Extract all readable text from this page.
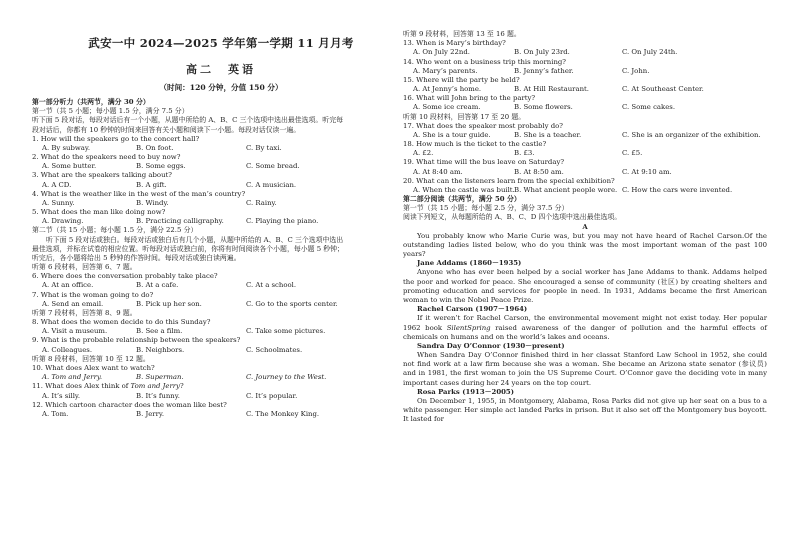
武安一中 2024—2025 学年第一学期 11 月月考
高二　英语
（时间：120 分钟，分值 150 分）
第一部分听力（共两节，满分 30 分）
第一节（共 5 小题；每小题 1.5 分，满分 7.5 分）
听下面 5 段对话，每段对话后有一个小题，从题中所给的 A、B、C 三个选项中选出最佳选项。听完每
段对话后，你都有 10 秒钟的时间来回答有关小题和阅读下一小题。每段对话仅读一遍。
1. How will the speakers go to the concert hall?
A. By subway.	B. On foot.	C. By taxi.
2. What do the speakers need to buy now?
A. Some butter.	B. Some eggs.	C. Some bread.
3. What are the speakers talking about?
A. A CD.	B. A gift.	C. A musician.
4. What is the weather like in the west of the man’s country?
A. Sunny.	B. Windy.	C. Rainy.
5. What does the man like doing now?
A. Drawing.	B. Practicing calligraphy.	C. Playing the piano.
第二节（共 15 小题；每小题 1.5 分，满分 22.5 分）
听下面 5 段对话或独白。每段对话或独白后有几个小题，从题中所给的 A、B、C 三个选项中选出
最佳选项，并标在试卷的相应位置。听每段对话或独白前，你将有时间阅读各个小题，每小题 5 秒钟；
听完后，各小题将给出 5 秒钟的作答时间。每段对话或独白读两遍。
听第 6 段材料，回答第 6、7 题。
6. Where does the conversation probably take place?
A. At an office.	B. At a cafe.	C. At a school.
7. What is the woman going to do?
A. Send an email.	B. Pick up her son.	C. Go to the sports center.
听第 7 段材料，回答第 8、9 题。
8. What does the women decide to do this Sunday?
A. Visit a museum.	B. See a film.	C. Take some pictures.
9. What is the probable relationship between the speakers?
A. Colleagues.	B. Neighbors.	C. Schoolmates.
听第 8 段材料，回答第 10 至 12 题。
10. What does Alex want to watch?
A. Tom and Jerry.	B. Superman.	C. Journey to the West.
11. What does Alex think of Tom and Jerry?
A. It’s silly.	B. It’s funny.	C. It’s popular.
12. Which cartoon character does the woman like best?
A. Tom.	B. Jerry.	C. The Monkey King.
听第 9 段材料，回答第 13 至 16 题。
13. When is Mary’s birthday?
A. On July 22nd.	B. On July 23rd.	C. On July 24th.
14. Who went on a business trip this morning?
A. Mary’s parents.	B. Jenny’s father.	C. John.
15. Where will the party be held?
A. At Jenny’s home.	B. At Hill Restaurant.	C. At Southeast Center.
16. What will John bring to the party?
A. Some ice cream.	B. Some flowers.	C. Some cakes.
听第 10 段材料，回答第 17 至 20 题。
17. What does the speaker most probably do?
A. She is a tour guide.	B. She is a teacher.	C. She is an organizer of the exhibition.
18. How much is the ticket to the castle?
A. £2.	B. £3.	C. £5.
19. What time will the bus leave on Saturday?
A. At 8:40 am.	B. At 8:50 am.	C. At 9:10 am.
20. What can the listeners learn from the special exhibition?
A. When the castle was built. B. What ancient people wore. C. How the cars were invented.
第二部分阅读（共两节，满分 50 分）
第一节（共 15 小题；每小题 2.5 分，满分 37.5 分）
阅读下列短文，从每题所给的 A、B、C、D 四个选项中选出最佳选项。
A
You probably know who Marie Curie was, but you may not have heard of Rachel Carson.Of the outstanding ladies listed below, who do you think was the most important woman of the past 100 years?
Jane Addams (1860－1935)
Anyone who has ever been helped by a social worker has Jane Addams to thank. Addams helped the poor and worked for peace. She encouraged a sense of community (社区) by creating shelters and promoting education and services for people in need. In 1931, Addams became the first American woman to win the Nobel Peace Prize.
Rachel Carson (1907－1964)
If it weren’t for Rachel Carson, the environmental movement might not exist today. Her popular 1962 book SilentSpring raised awareness of the danger of pollution and the harmful effects of chemicals on humans and on the world’s lakes and oceans.
Sandra Day O’Connor (1930－present)
When Sandra Day O’Connor finished third in her classat Stanford Law School in 1952, she could not find work at a law firm because she was a woman. She became an Arizona state senator (参议员) and in 1981, the first woman to join the US Supreme Court. O’Connor gave the deciding vote in many important cases during her 24 years on the top court.
Rosa Parks (1913－2005)
On December 1, 1955, in Montgomery, Alabama, Rosa Parks did not give up her seat on a bus to a white passenger. Her simple act landed Parks in prison. But it also set off the Montgomery bus boycott. It lasted for
